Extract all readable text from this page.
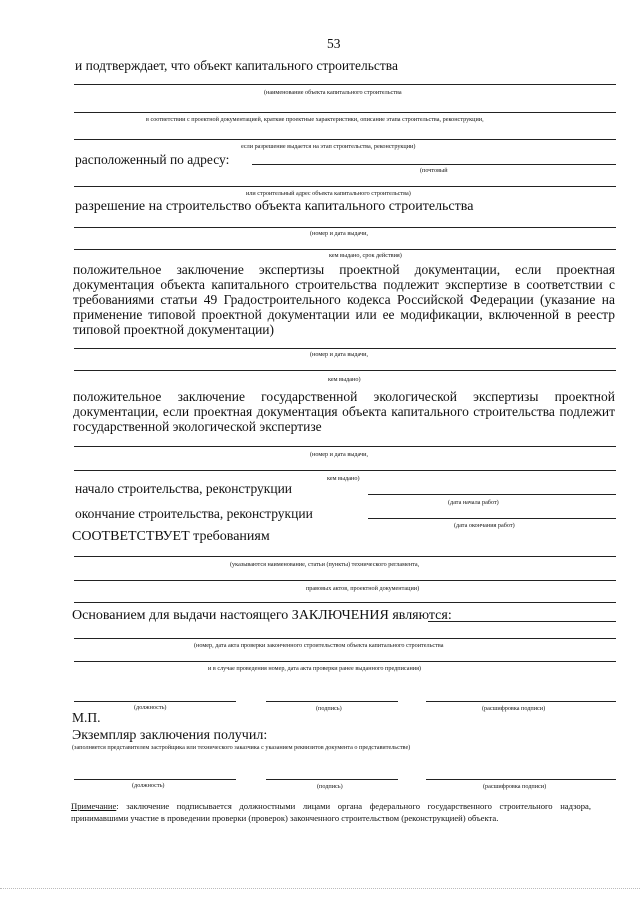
53
и подтверждает, что объект капитального строительства
(наименование объекта капитального строительства
в соответствии с проектной документацией, краткие проектные характеристики, описание этапа строительства, реконструкции,
если разрешение выдается на этап строительства, реконструкции)
расположенный по адресу:
(почтовый
или строительный адрес объекта капитального строительства)
разрешение на строительство объекта капитального строительства
(номер и дата выдачи,
кем выдано, срок действия)
положительное заключение экспертизы проектной документации, если проектная документация объекта капитального строительства подлежит экспертизе в соответствии с требованиями статьи 49 Градостроительного кодекса Российской Федерации (указание на применение типовой проектной документации или ее модификации, включенной в реестр типовой проектной документации)
(номер и дата выдачи,
кем выдано)
положительное заключение государственной экологической экспертизы проектной документации, если проектная документация объекта капитального строительства подлежит государственной экологической экспертизе
(номер и дата выдачи,
кем выдано)
начало строительства, реконструкции
(дата начала работ)
окончание строительства, реконструкции
(дата окончания работ)
СООТВЕТСТВУЕТ требованиям
(указываются наименование, статьи (пункты) технического регламента,
правовых актов, проектной документации)
Основанием для выдачи настоящего ЗАКЛЮЧЕНИЯ являются:
(номер, дата акта проверки законченного строительством объекта капитального строительства
и в случае проведения номер, дата акта проверки ранее выданного предписания)
(должность)	(подпись)	(расшифровка подписи)
М.П.
Экземпляр заключения получил:
(заполняется представителем застройщика или технического заказчика с указанием реквизитов документа о представительстве)
(должность)	(подпись)	(расшифровка подписи)
Примечание: заключение подписывается должностными лицами органа федерального государственного строительного надзора, принимавшими участие в проведении проверки (проверок) законченного строительством (реконструкцией) объекта.
